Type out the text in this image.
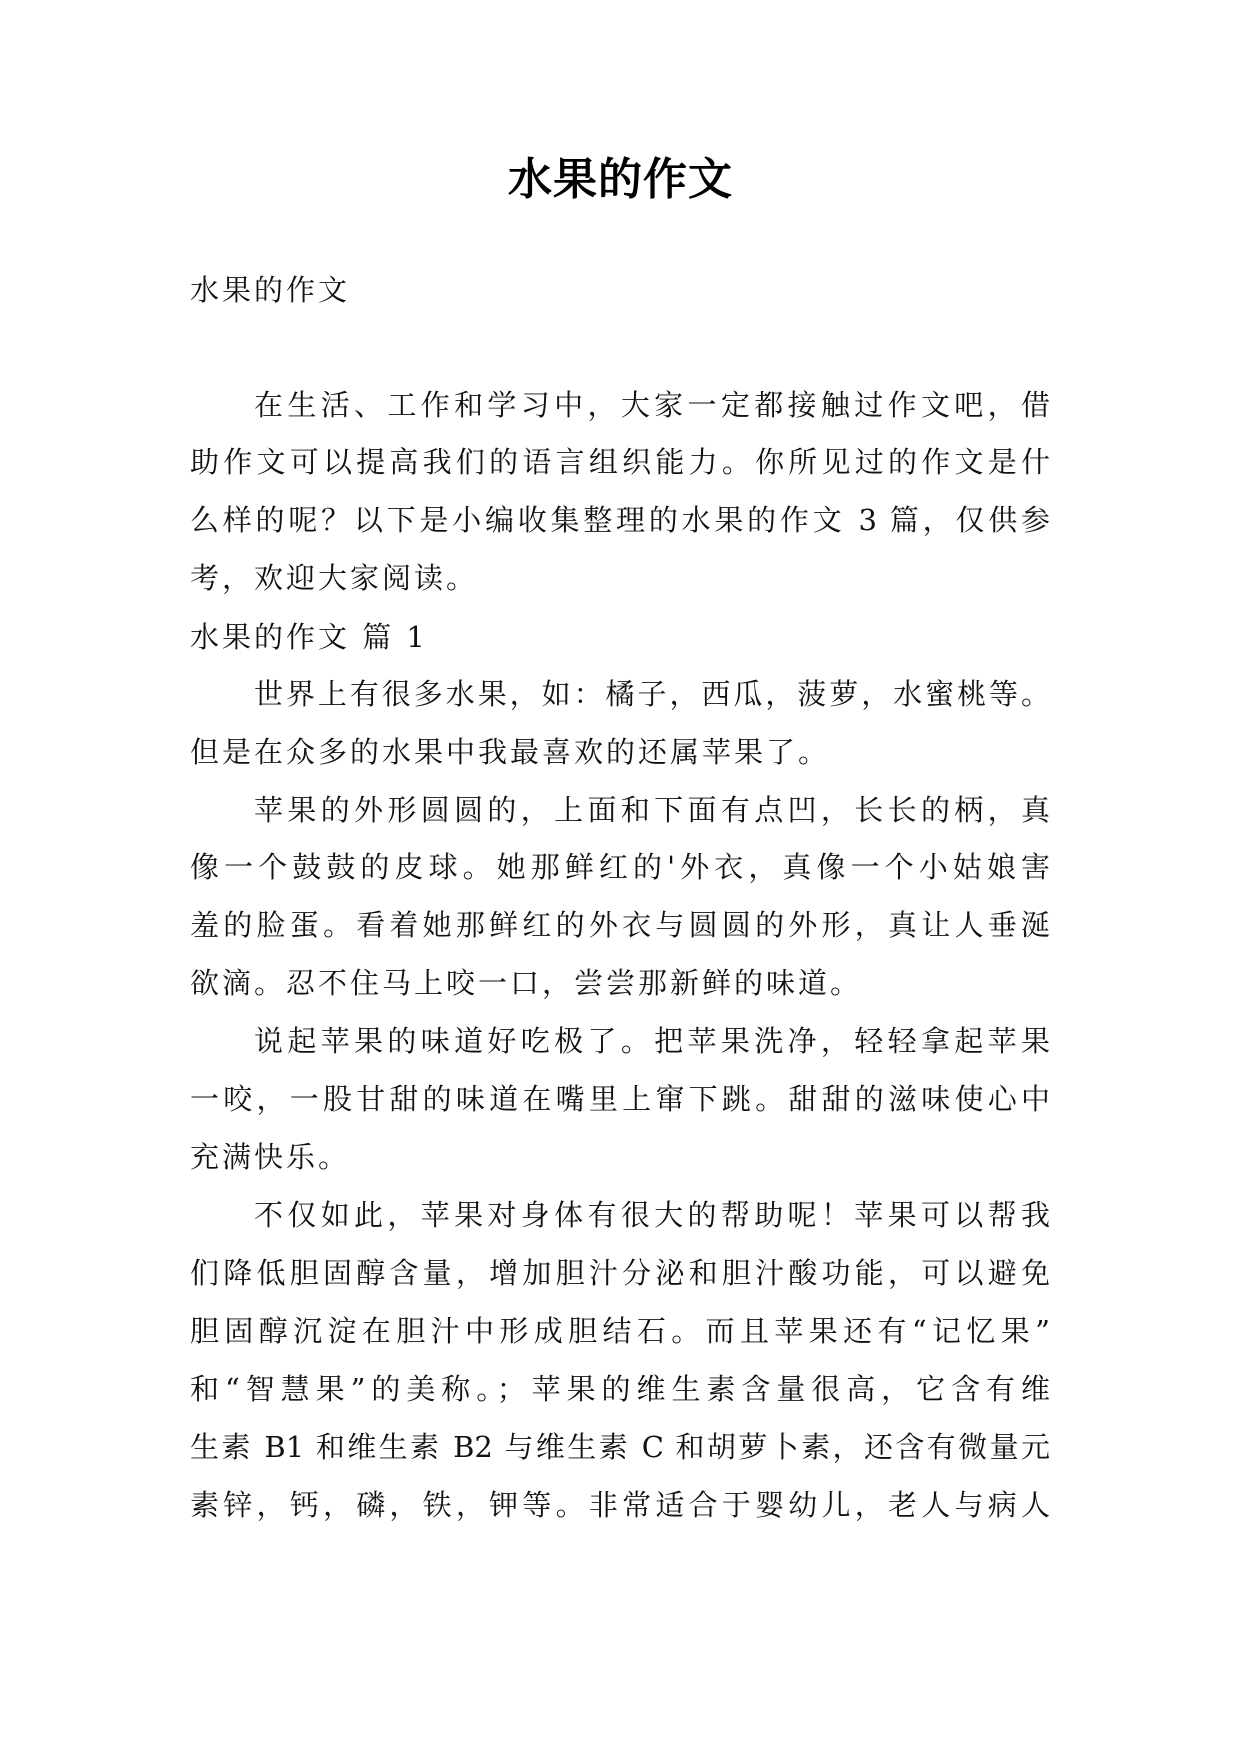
水果的作文
水果的作文
在生活、工作和学习中，大家一定都接触过作文吧，借
助作文可以提高我们的语言组织能力。你所见过的作文是什
么样的呢？以下是小编收集整理的水果的作文 3 篇，仅供参
考，欢迎大家阅读。
水果的作文 篇 1
世界上有很多水果，如：橘子，西瓜，菠萝，水蜜桃等。
但是在众多的水果中我最喜欢的还属苹果了。
苹果的外形圆圆的，上面和下面有点凹，长长的柄，真
像一个鼓鼓的皮球。她那鲜红的'外衣，真像一个小姑娘害
羞的脸蛋。看着她那鲜红的外衣与圆圆的外形，真让人垂涎
欲滴。忍不住马上咬一口，尝尝那新鲜的味道。
说起苹果的味道好吃极了。把苹果洗净，轻轻拿起苹果
一咬，一股甘甜的味道在嘴里上窜下跳。甜甜的滋味使心中
充满快乐。
不仅如此，苹果对身体有很大的帮助呢！苹果可以帮我
们降低胆固醇含量，增加胆汁分泌和胆汁酸功能，可以避免
胆固醇沉淀在胆汁中形成胆结石。而且苹果还有“记忆果”
和“智慧果”的美称。；苹果的维生素含量很高，它含有维
生素 B1 和维生素 B2 与维生素 C 和胡萝卜素，还含有微量元
素锌，钙，磷，铁，钾等。非常适合于婴幼儿，老人与病人
